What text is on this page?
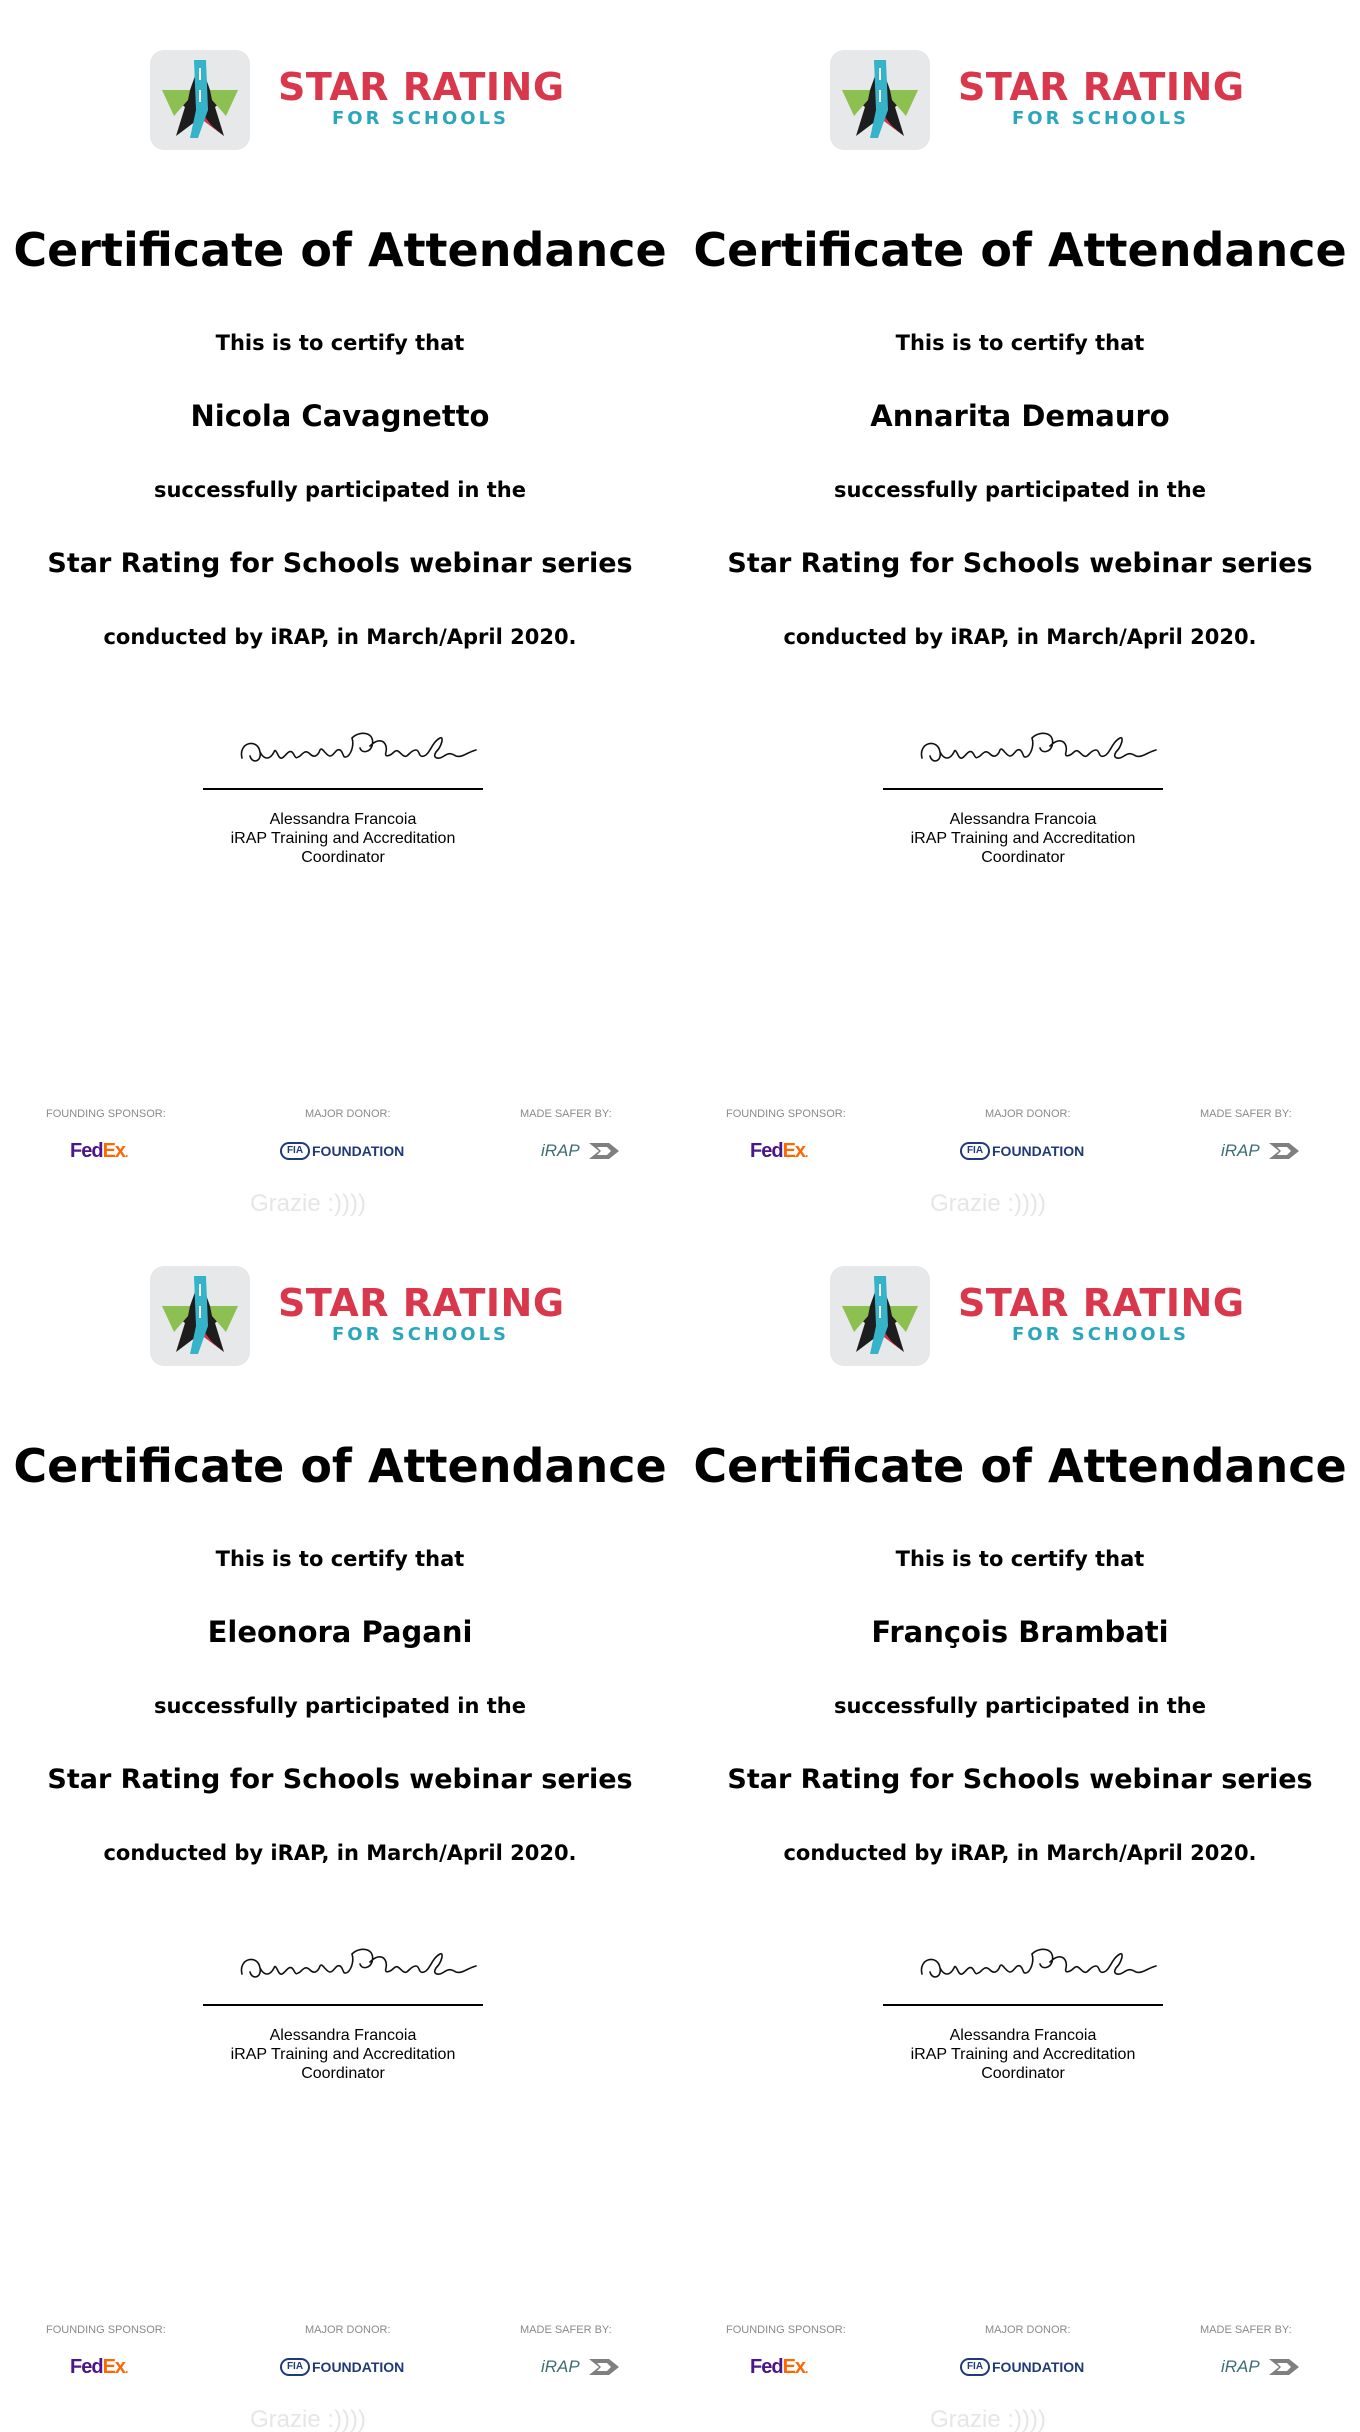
STAR RATING
FOR SCHOOLS
Certificate of Attendance
This is to certify that
Nicola Cavagnetto
successfully participated in the
Star Rating for Schools webinar series
conducted by iRAP, in March/April 2020.
Alessandra Francoia
iRAP Training and Accreditation
Coordinator
FOUNDING SPONSOR:	MAJOR DONOR:	MADE SAFER BY:
FedEx.	FIA FOUNDATION	iRAP
Grazie :))))
STAR RATING
FOR SCHOOLS
Certificate of Attendance
This is to certify that
Annarita Demauro
successfully participated in the
Star Rating for Schools webinar series
conducted by iRAP, in March/April 2020.
Alessandra Francoia
iRAP Training and Accreditation
Coordinator
FOUNDING SPONSOR:	MAJOR DONOR:	MADE SAFER BY:
FedEx.	FIA FOUNDATION	iRAP
Grazie :))))
STAR RATING
FOR SCHOOLS
Certificate of Attendance
This is to certify that
Eleonora Pagani
successfully participated in the
Star Rating for Schools webinar series
conducted by iRAP, in March/April 2020.
Alessandra Francoia
iRAP Training and Accreditation
Coordinator
FOUNDING SPONSOR:	MAJOR DONOR:	MADE SAFER BY:
FedEx.	FIA FOUNDATION	iRAP
Grazie :))))
STAR RATING
FOR SCHOOLS
Certificate of Attendance
This is to certify that
François Brambati
successfully participated in the
Star Rating for Schools webinar series
conducted by iRAP, in March/April 2020.
Alessandra Francoia
iRAP Training and Accreditation
Coordinator
FOUNDING SPONSOR:	MAJOR DONOR:	MADE SAFER BY:
FedEx.	FIA FOUNDATION	iRAP
Grazie :))))
